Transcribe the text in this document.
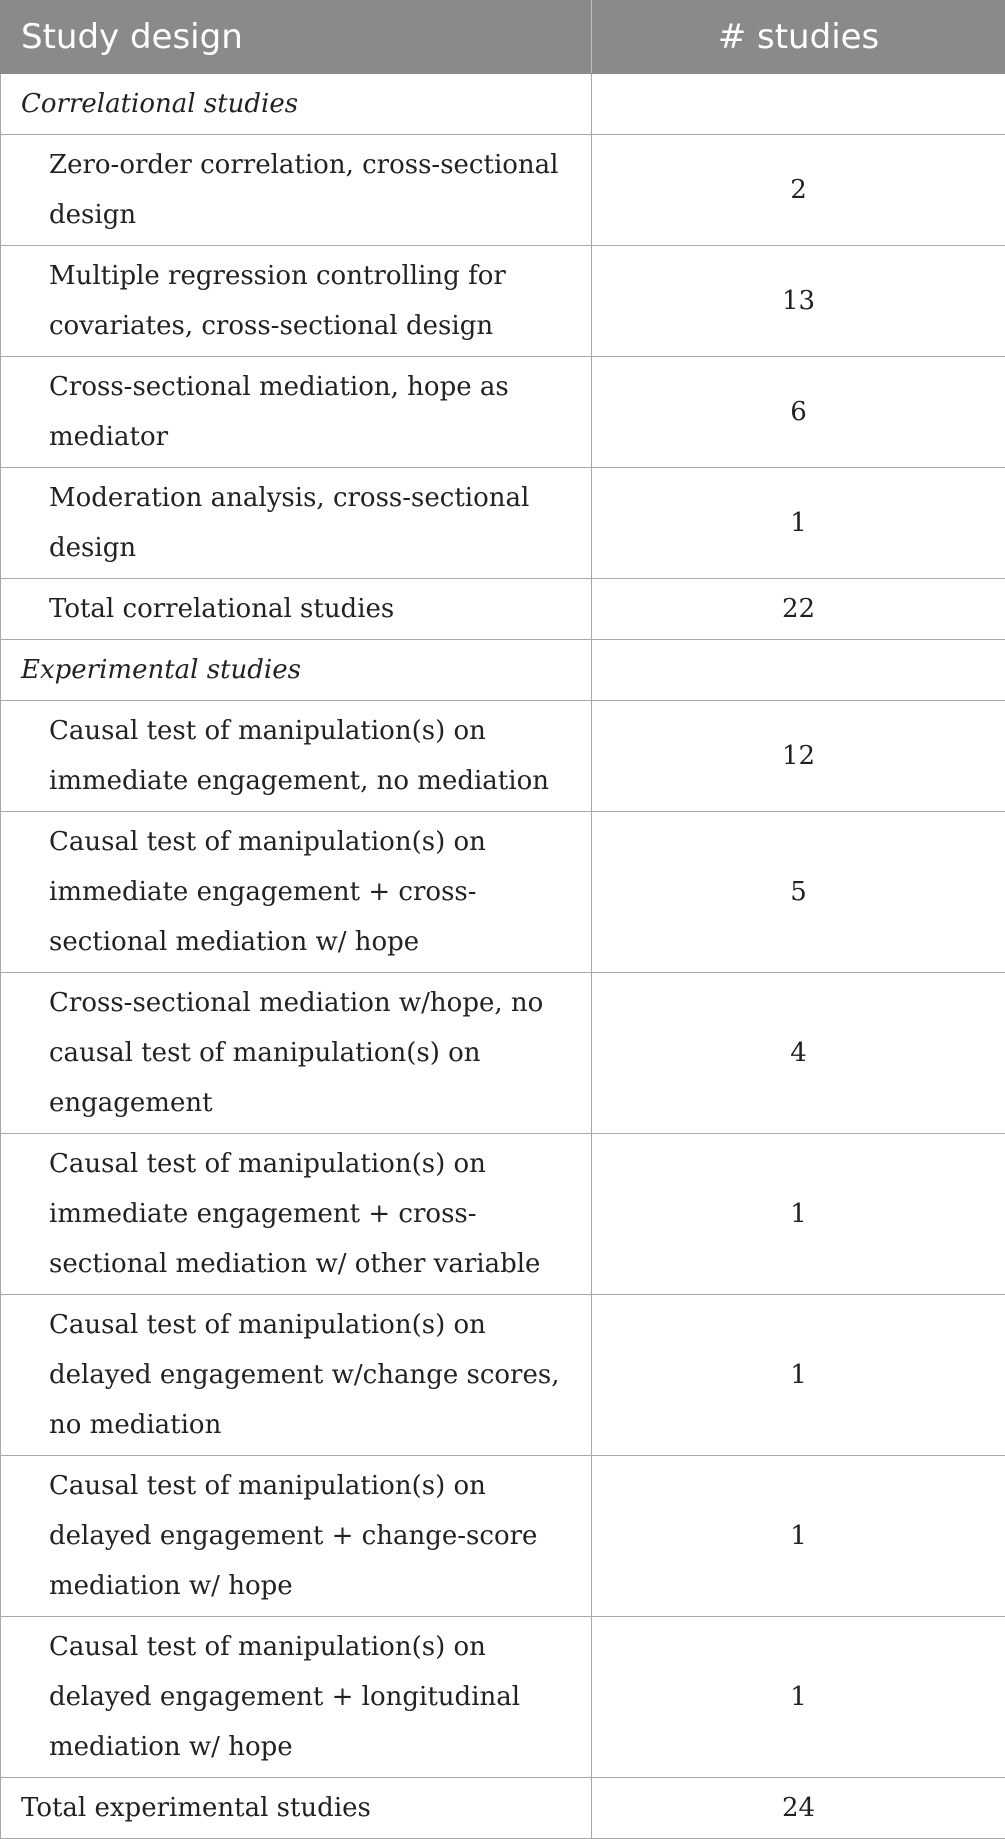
Study design	# studies
Correlational studies	
Zero-order correlation, cross-sectional design	2
Multiple regression controlling for covariates, cross-sectional design	13
Cross-sectional mediation, hope as mediator	6
Moderation analysis, cross-sectional design	1
Total correlational studies	22
Experimental studies	
Causal test of manipulation(s) on immediate engagement, no mediation	12
Causal test of manipulation(s) on immediate engagement + cross-sectional mediation w/ hope	5
Cross-sectional mediation w/hope, no causal test of manipulation(s) on engagement	4
Causal test of manipulation(s) on immediate engagement + cross-sectional mediation w/ other variable	1
Causal test of manipulation(s) on delayed engagement w/change scores, no mediation	1
Causal test of manipulation(s) on delayed engagement + change-score mediation w/ hope	1
Causal test of manipulation(s) on delayed engagement + longitudinal mediation w/ hope	1
Total experimental studies	24
